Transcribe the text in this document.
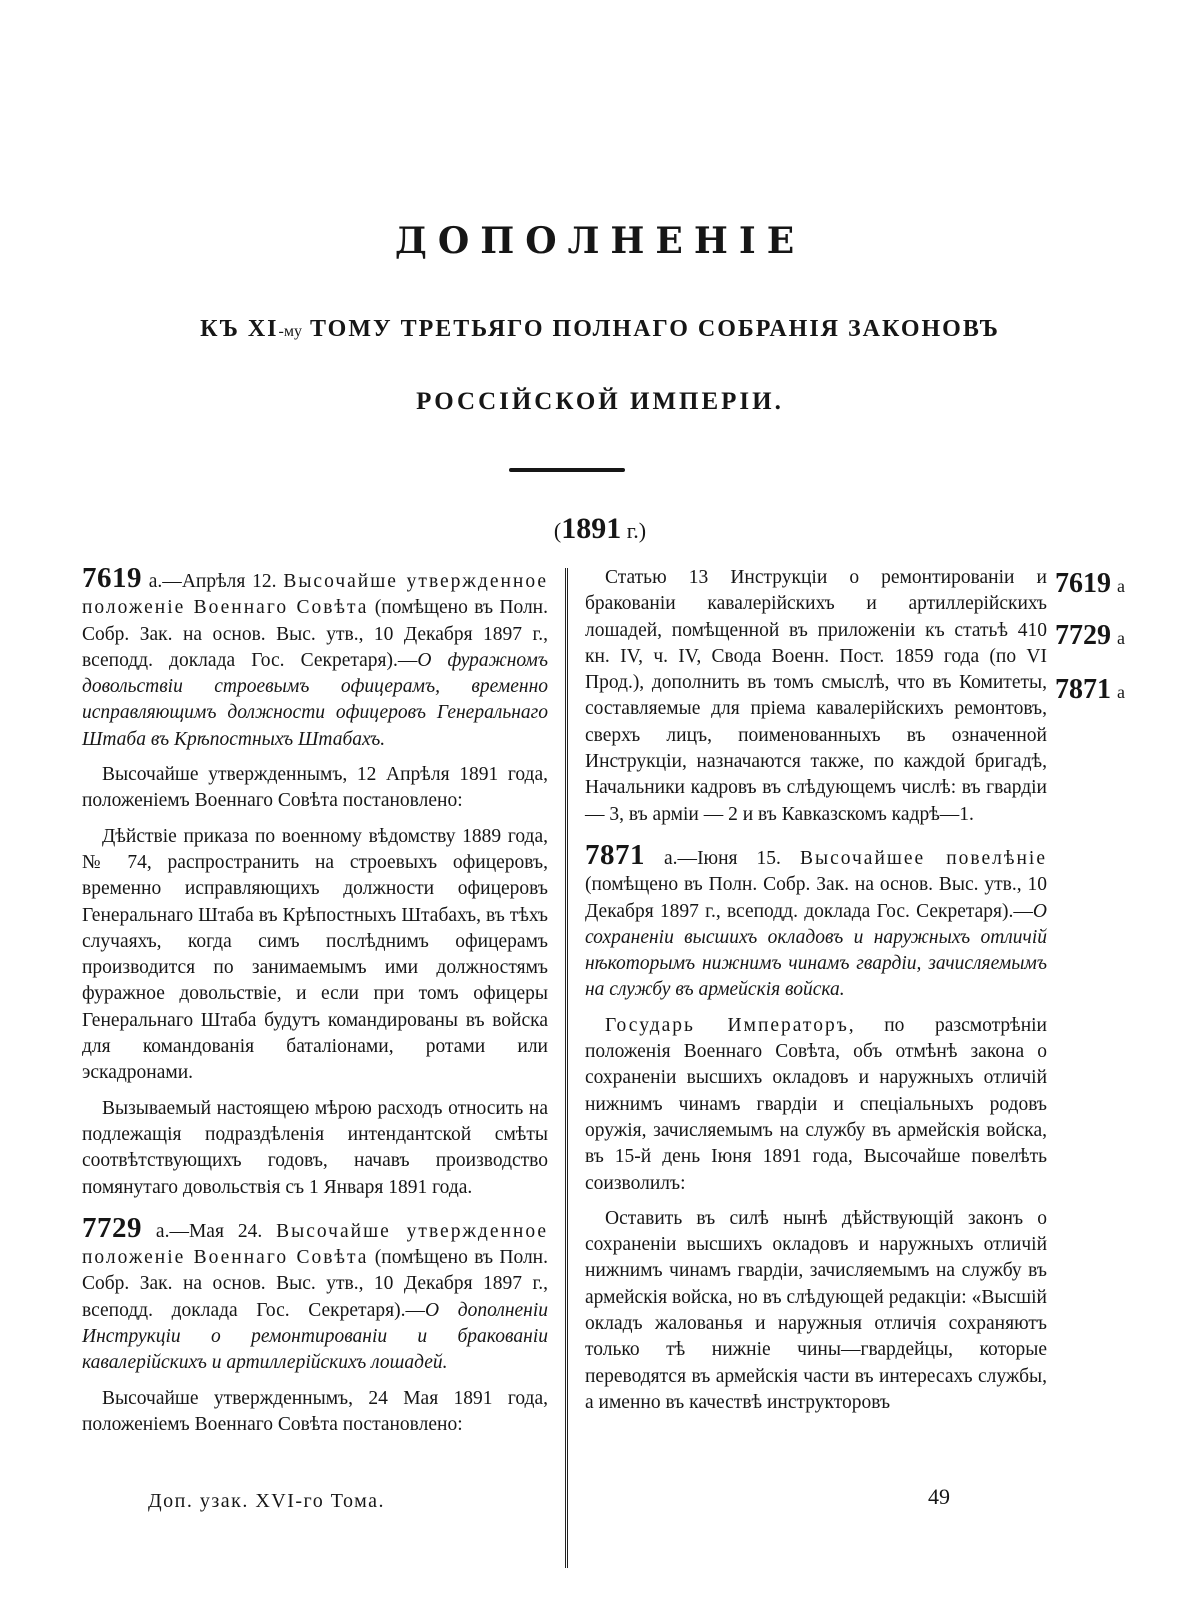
ДОПОЛНЕНІЕ
КЪ XI-му ТОМУ ТРЕТЬЯГО ПОЛНАГО СОБРАНІЯ ЗАКОНОВЪ
РОССІЙСКОЙ ИМПЕРІИ.
(1891 г.)

7619 а.—Апрѣля 12. Высочайше утвержденное положеніе Военнаго Совѣта (помѣщено въ Полн. Собр. Зак. на основ. Выс. утв., 10 Декабря 1897 г., всеподд. доклада Гос. Секретаря).—О фуражномъ довольствіи строевымъ офицерамъ, временно исправляющимъ должности офицеровъ Генеральнаго Штаба въ Крѣпостныхъ Штабахъ.

Высочайше утвержденнымъ, 12 Апрѣля 1891 года, положеніемъ Военнаго Совѣта постановлено:

Дѣйствіе приказа по военному вѣдомству 1889 года, № 74, распространить на строевыхъ офицеровъ, временно исправляющихъ должности офицеровъ Генеральнаго Штаба въ Крѣпостныхъ Штабахъ, въ тѣхъ случаяхъ, когда симъ послѣднимъ офицерамъ производится по занимаемымъ ими должностямъ фуражное довольствіе, и если при томъ офицеры Генеральнаго Штаба будутъ командированы въ войска для командованія баталіонами, ротами или эскадронами.

Вызываемый настоящею мѣрою расходъ относить на подлежащія подраздѣленія интендантской смѣты соотвѣтствующихъ годовъ, начавъ производство помянутаго довольствія съ 1 Января 1891 года.

7729 а.—Мая 24. Высочайше утвержденное положеніе Военнаго Совѣта (помѣщено въ Полн. Собр. Зак. на основ. Выс. утв., 10 Декабря 1897 г., всеподд. доклада Гос. Секретаря).—О дополненіи Инструкціи о ремонтированіи и браковaніи кавалерійскихъ и артиллерійскихъ лошадей.

Высочайше утвержденнымъ, 24 Мая 1891 года, положеніемъ Военнаго Совѣта постановлено:

Статью 13 Инструкціи о ремонтированіи и браковaніи кавалерійскихъ и артиллерійскихъ лошадей, помѣщенной въ приложеніи къ статьѣ 410 кн. IV, ч. IV, Свода Военн. Пост. 1859 года (по VI Прод.), дополнить въ томъ смыслѣ, что въ Комитеты, составляемые для пріема кавалерійскихъ ремонтовъ, сверхъ лицъ, поименованныхъ въ означенной Инструкціи, назначаются также, по каждой бригадѣ, Начальники кадровъ въ слѣдующемъ числѣ: въ гвардіи — 3, въ арміи — 2 и въ Кавказскомъ кадрѣ—1.

7871 а.—Іюня 15. Высочайшее повелѣніе (помѣщено въ Полн. Собр. Зак. на основ. Выс. утв., 10 Декабря 1897 г., всеподд. доклада Гос. Секретаря).—О сохраненіи высшихъ окладовъ и наружныхъ отличій нѣкоторымъ нижнимъ чинамъ гвардіи, зачисляемымъ на службу въ армейскія войска.

Государь Императоръ, по разсмотрѣніи положенія Военнаго Совѣта, объ отмѣнѣ закона о сохраненіи высшихъ окладовъ и наружныхъ отличій нижнимъ чинамъ гвардіи и спеціальныхъ родовъ оружія, зачисляемымъ на службу въ армейскія войска, въ 15-й день Іюня 1891 года, Высочайше повелѣть соизволилъ:

Оставить въ силѣ нынѣ дѣйствующій законъ о сохраненіи высшихъ окладовъ и наружныхъ отличій нижнимъ чинамъ гвардіи, зачисляемымъ на службу въ армейскія войска, но въ слѣдующей редакціи: «Высшій окладъ жалованья и наружныя отличія сохраняютъ только тѣ нижніе чины—гвардейцы, которые переводятся въ армейскія части въ интересахъ службы, а именно въ качествѣ инструкторовъ

7619 а
7729 а
7871 а
Доп. узак. XVI-го Тома.	49
